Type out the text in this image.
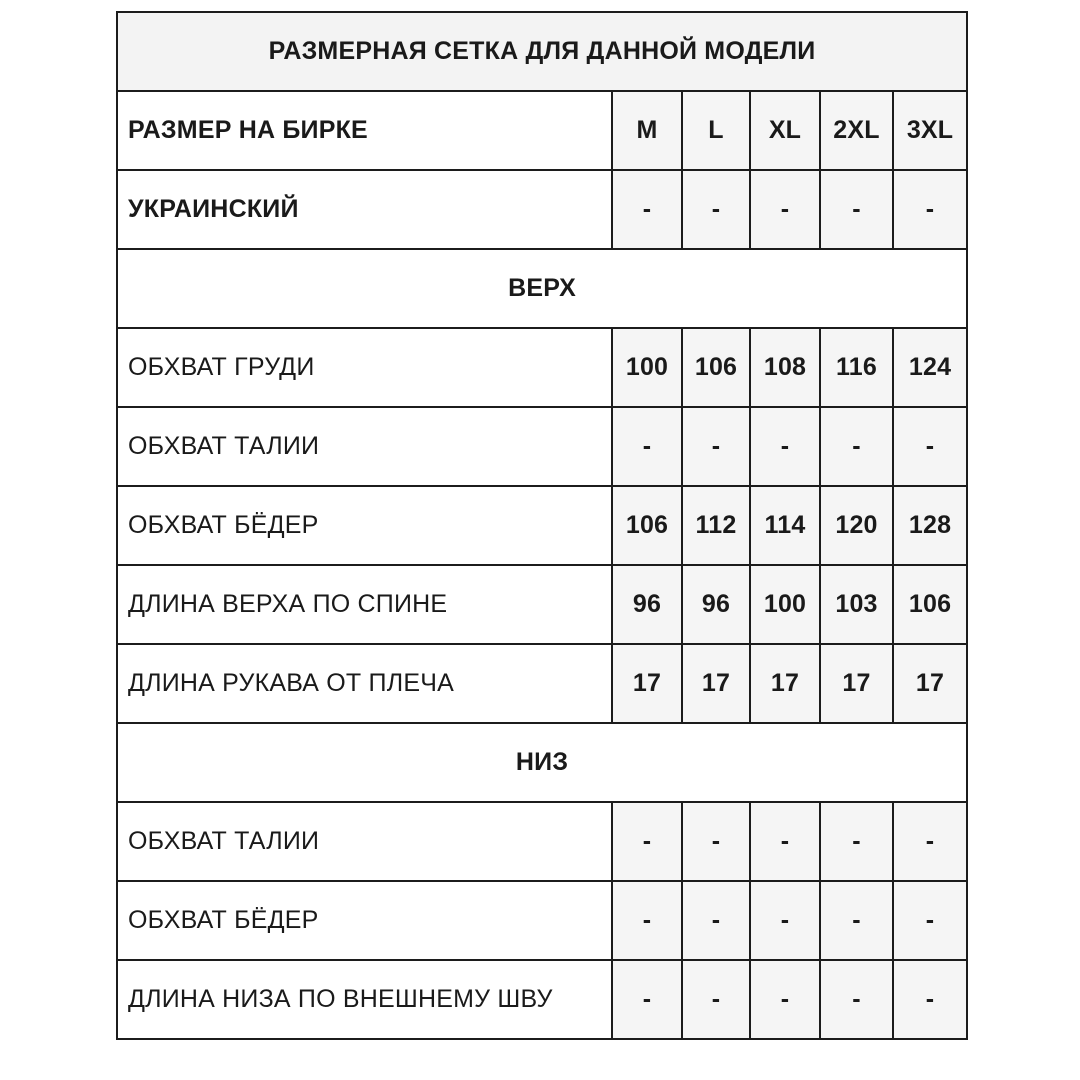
РАЗМЕРНАЯ СЕТКА ДЛЯ ДАННОЙ МОДЕЛИ					
РАЗМЕР НА БИРКЕ	M	L	XL	2XL	3XL
УКРАИНСКИЙ	-	-	-	-	-
ВЕРХ					
ОБХВАТ ГРУДИ	100	106	108	116	124
ОБХВАТ ТАЛИИ	-	-	-	-	-
ОБХВАТ БЁДЕР	106	112	114	120	128
ДЛИНА ВЕРХА ПО СПИНЕ	96	96	100	103	106
ДЛИНА РУКАВА ОТ ПЛЕЧА	17	17	17	17	17
НИЗ					
ОБХВАТ ТАЛИИ	-	-	-	-	-
ОБХВАТ БЁДЕР	-	-	-	-	-
ДЛИНА НИЗА ПО ВНЕШНЕМУ ШВУ	-	-	-	-	-
